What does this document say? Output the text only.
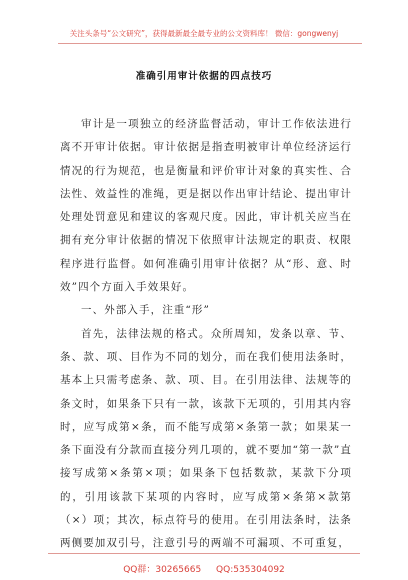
关注头条号“公文研究”，获得最新最全最专业的公文资料库！ 微信：gongwenyj
准确引用审计依据的四点技巧

审计是一项独立的经济监督活动，审计工作依法进行离不开审计依据。审计依据是指查明被审计单位经济运行情况的行为规范，也是衡量和评价审计对象的真实性、合法性、效益性的准绳，更是据以作出审计结论、提出审计处理处罚意见和建议的客观尺度。因此，审计机关应当在拥有充分审计依据的情况下依照审计法规定的职责、权限程序进行监督。如何准确引用审计依据？从“形、意、时效”四个方面入手效果好。

一、外部入手，注重“形”

首先，法律法规的格式。众所周知，发条以章、节、条、款、项、目作为不同的划分，而在我们使用法条时，基本上只需考虑条、款、项、目。在引用法律、法规等的条文时，如果条下只有一款，该款下无项的，引用其内容时，应写成第×条，而不能写成第×条第一款；如果某一条下面没有分款而直接分列几项的，就不要加“第一款”直接写成第×条第×项；如果条下包括数款，某款下分项的，引用该款下某项的内容时，应写成第×条第×款第（×）项；其次，标点符号的使用。在引用法条时，法条两侧要加双引号，注意引号的两端不可漏项、不可重复，

QQ群：30265665 QQ:535304092
